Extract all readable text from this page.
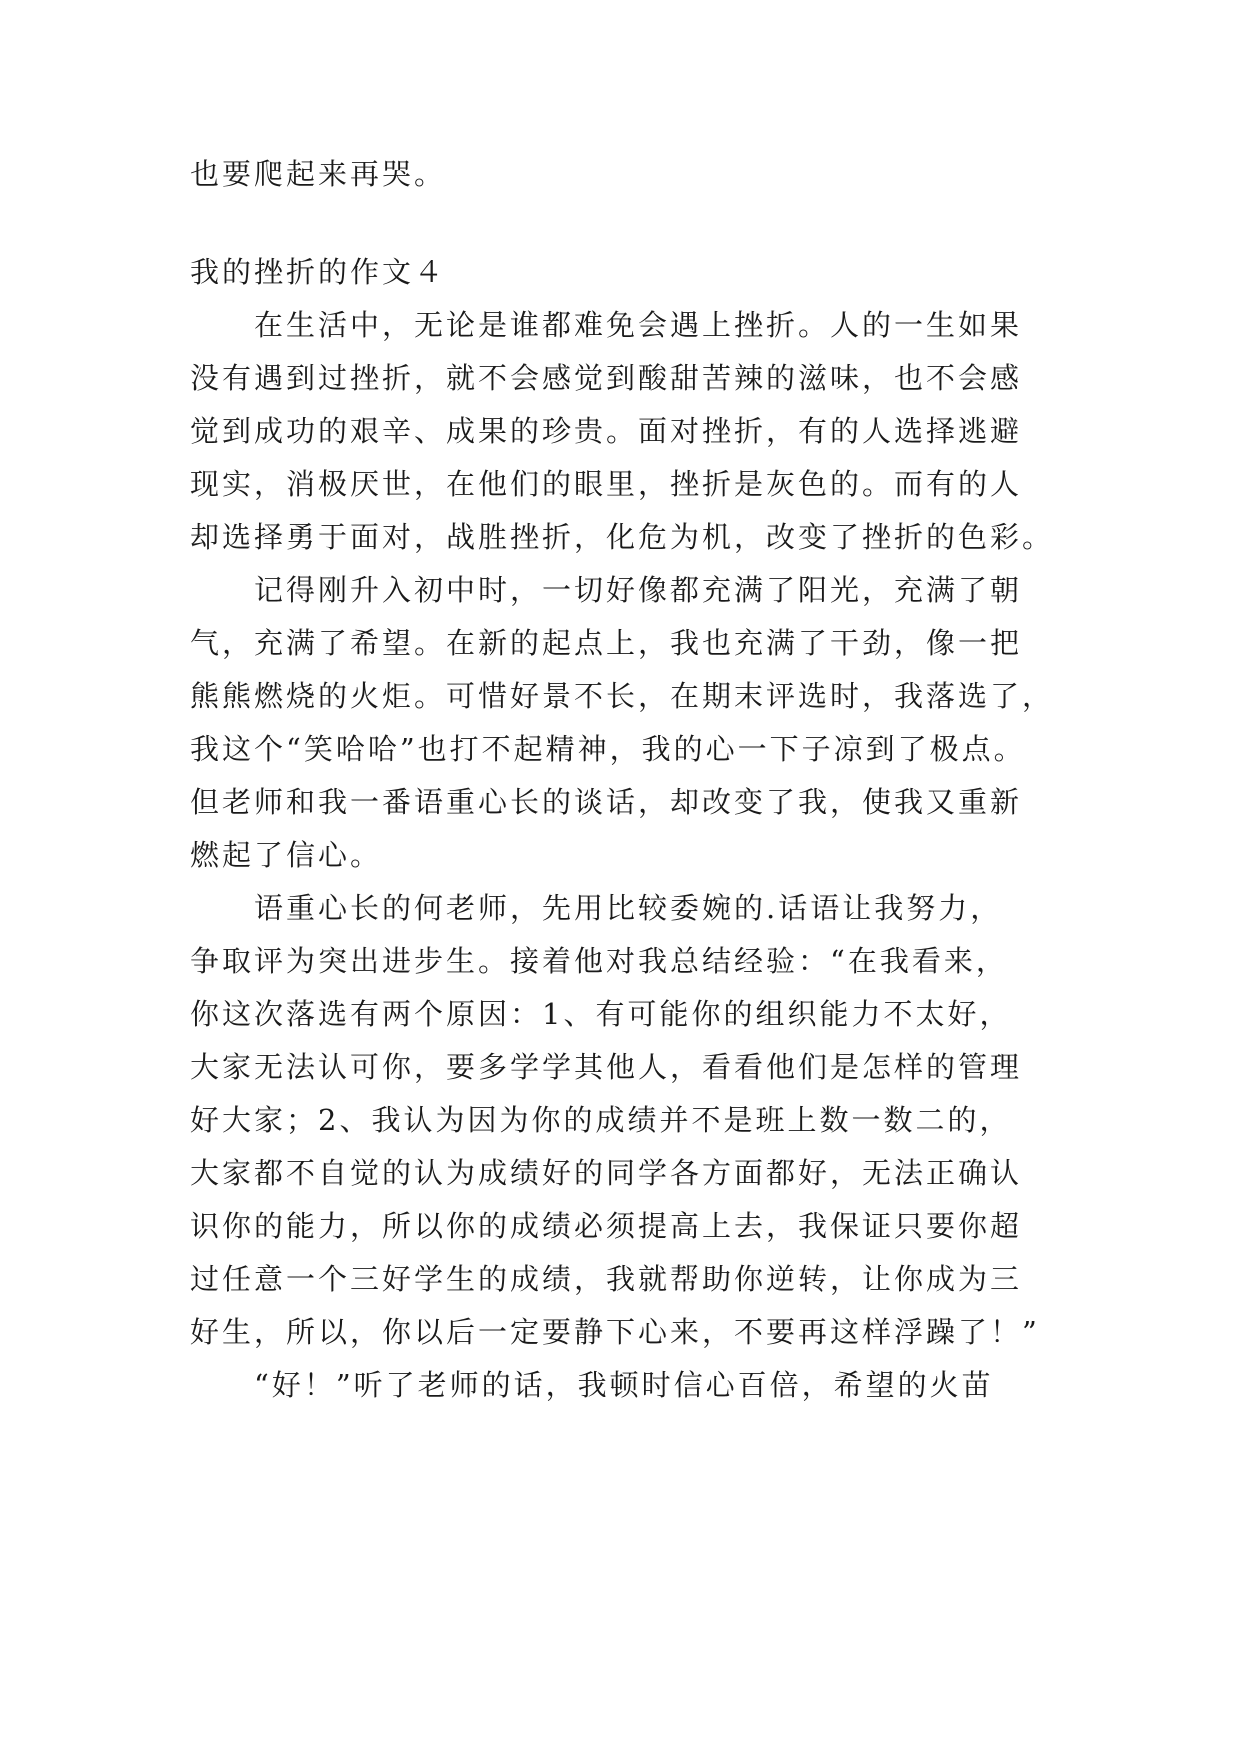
也要爬起来再哭。
我的挫折的作文４
在生活中，无论是谁都难免会遇上挫折。人的一生如果
没有遇到过挫折，就不会感觉到酸甜苦辣的滋味，也不会感
觉到成功的艰辛、成果的珍贵。面对挫折，有的人选择逃避
现实，消极厌世，在他们的眼里，挫折是灰色的。而有的人
却选择勇于面对，战胜挫折，化危为机，改变了挫折的色彩。
记得刚升入初中时，一切好像都充满了阳光，充满了朝
气，充满了希望。在新的起点上，我也充满了干劲，像一把
熊熊燃烧的火炬。可惜好景不长，在期末评选时，我落选了，
我这个“笑哈哈”也打不起精神，我的心一下子凉到了极点。
但老师和我一番语重心长的谈话，却改变了我，使我又重新
燃起了信心。
语重心长的何老师，先用比较委婉的.话语让我努力，
争取评为突出进步生。接着他对我总结经验：“在我看来，
你这次落选有两个原因：1、有可能你的组织能力不太好，
大家无法认可你，要多学学其他人，看看他们是怎样的管理
好大家；2、我认为因为你的成绩并不是班上数一数二的，
大家都不自觉的认为成绩好的同学各方面都好，无法正确认
识你的能力，所以你的成绩必须提高上去，我保证只要你超
过任意一个三好学生的成绩，我就帮助你逆转，让你成为三
好生，所以，你以后一定要静下心来，不要再这样浮躁了！”
“好！”听了老师的话，我顿时信心百倍，希望的火苗
